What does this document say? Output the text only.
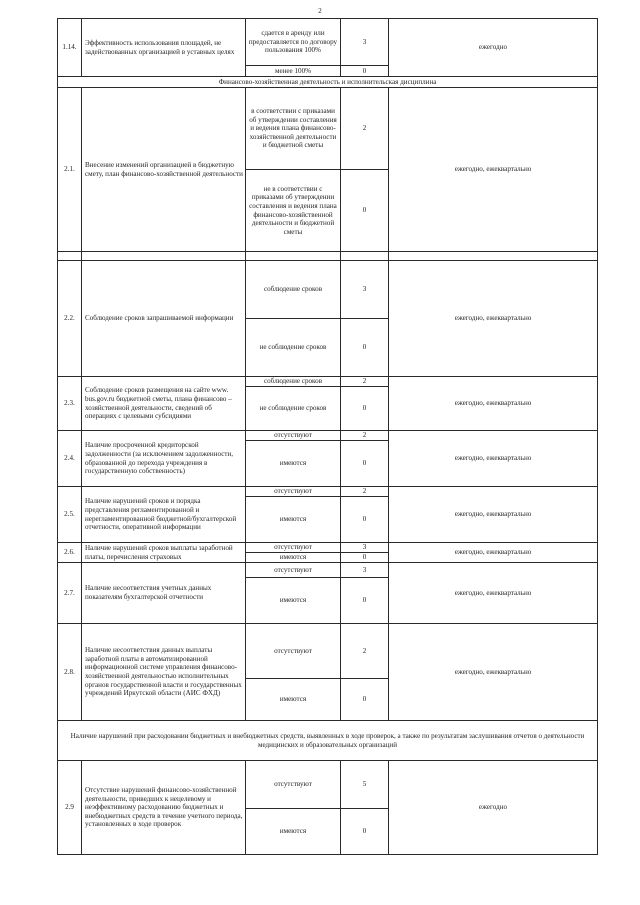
2
1.14.	Эффективность использования площадей, не задействованных организацией в уставных целях	сдается в аренду или предоставляется по договору пользования 100%	3	ежегодно
		менее 100%	0	
Финансово-хозяйственная деятельность и исполнительская дисциплина				
2.1.	Внесение изменений организацией в бюджетную смету, план финансово-хозяйственной деятельности	в соответствии с приказами об утверждении составления и ведения плана финансово-хозяйственной деятельности и бюджетной сметы	2	ежегодно, ежеквартально
		не в соответствии с приказами об утверждении составления и ведения плана финансово-хозяйственной деятельности и бюджетной сметы	0	

2.2.	Соблюдение сроков запрашиваемой информации	соблюдение сроков	3	ежегодно, ежеквартально
		не соблюдение сроков	0	
2.3.	Соблюдение сроков размещения на сайте www. bus.gov.ru бюджетной сметы, плана финансово – хозяйственной деятельности, сведений об операциях с целевыми субсидиями	соблюдение сроков	2	ежегодно, ежеквартально
		не соблюдение сроков	0	
2.4.	Наличие просроченной кредиторской задолженности (за исключением задолженности, образованной до перехода учреждения в государственную собственность)	отсутствуют	2	ежегодно, ежеквартально
		имеются	0	
2.5.	Наличие нарушений сроков и порядка представления регламентированной и нерегламентированной бюджетной/бухгалтерской отчетности, оперативной информации	отсутствуют	2	ежегодно, ежеквартально
		имеются	0	
2.6.	Наличие нарушений сроков выплаты заработной платы, перечисления страховых	отсутствуют	3	ежегодно, ежеквартально
		имеются	0	
2.7.	Наличие несоответствия учетных данных показателям бухгалтерской отчетности	отсутствуют	3	ежегодно, ежеквартально
		имеются	0	
2.8.	Наличие несоответствия данных выплаты заработной платы в автоматизированной информационной системе управления финансово-хозяйственной деятельностью исполнительных органов государственной власти и государственных учреждений Иркутской области (АИС ФХД)	отсутствуют	2	ежегодно, ежеквартально
		имеются	0	
Наличие нарушений при расходовании бюджетных и внебюджетных средств, выявленных в ходе проверок, а также по результатам заслушивания отчетов о деятельности медицинских и образовательных организаций				
2.9	Отсутствие нарушений финансово-хозяйственной деятельности, приведших к нецелевому и неэффективному расходованию бюджетных и внебюджетных средств в течение учетного периода, установленных в ходе проверок	отсутствуют	5	ежегодно
		имеются	0	
